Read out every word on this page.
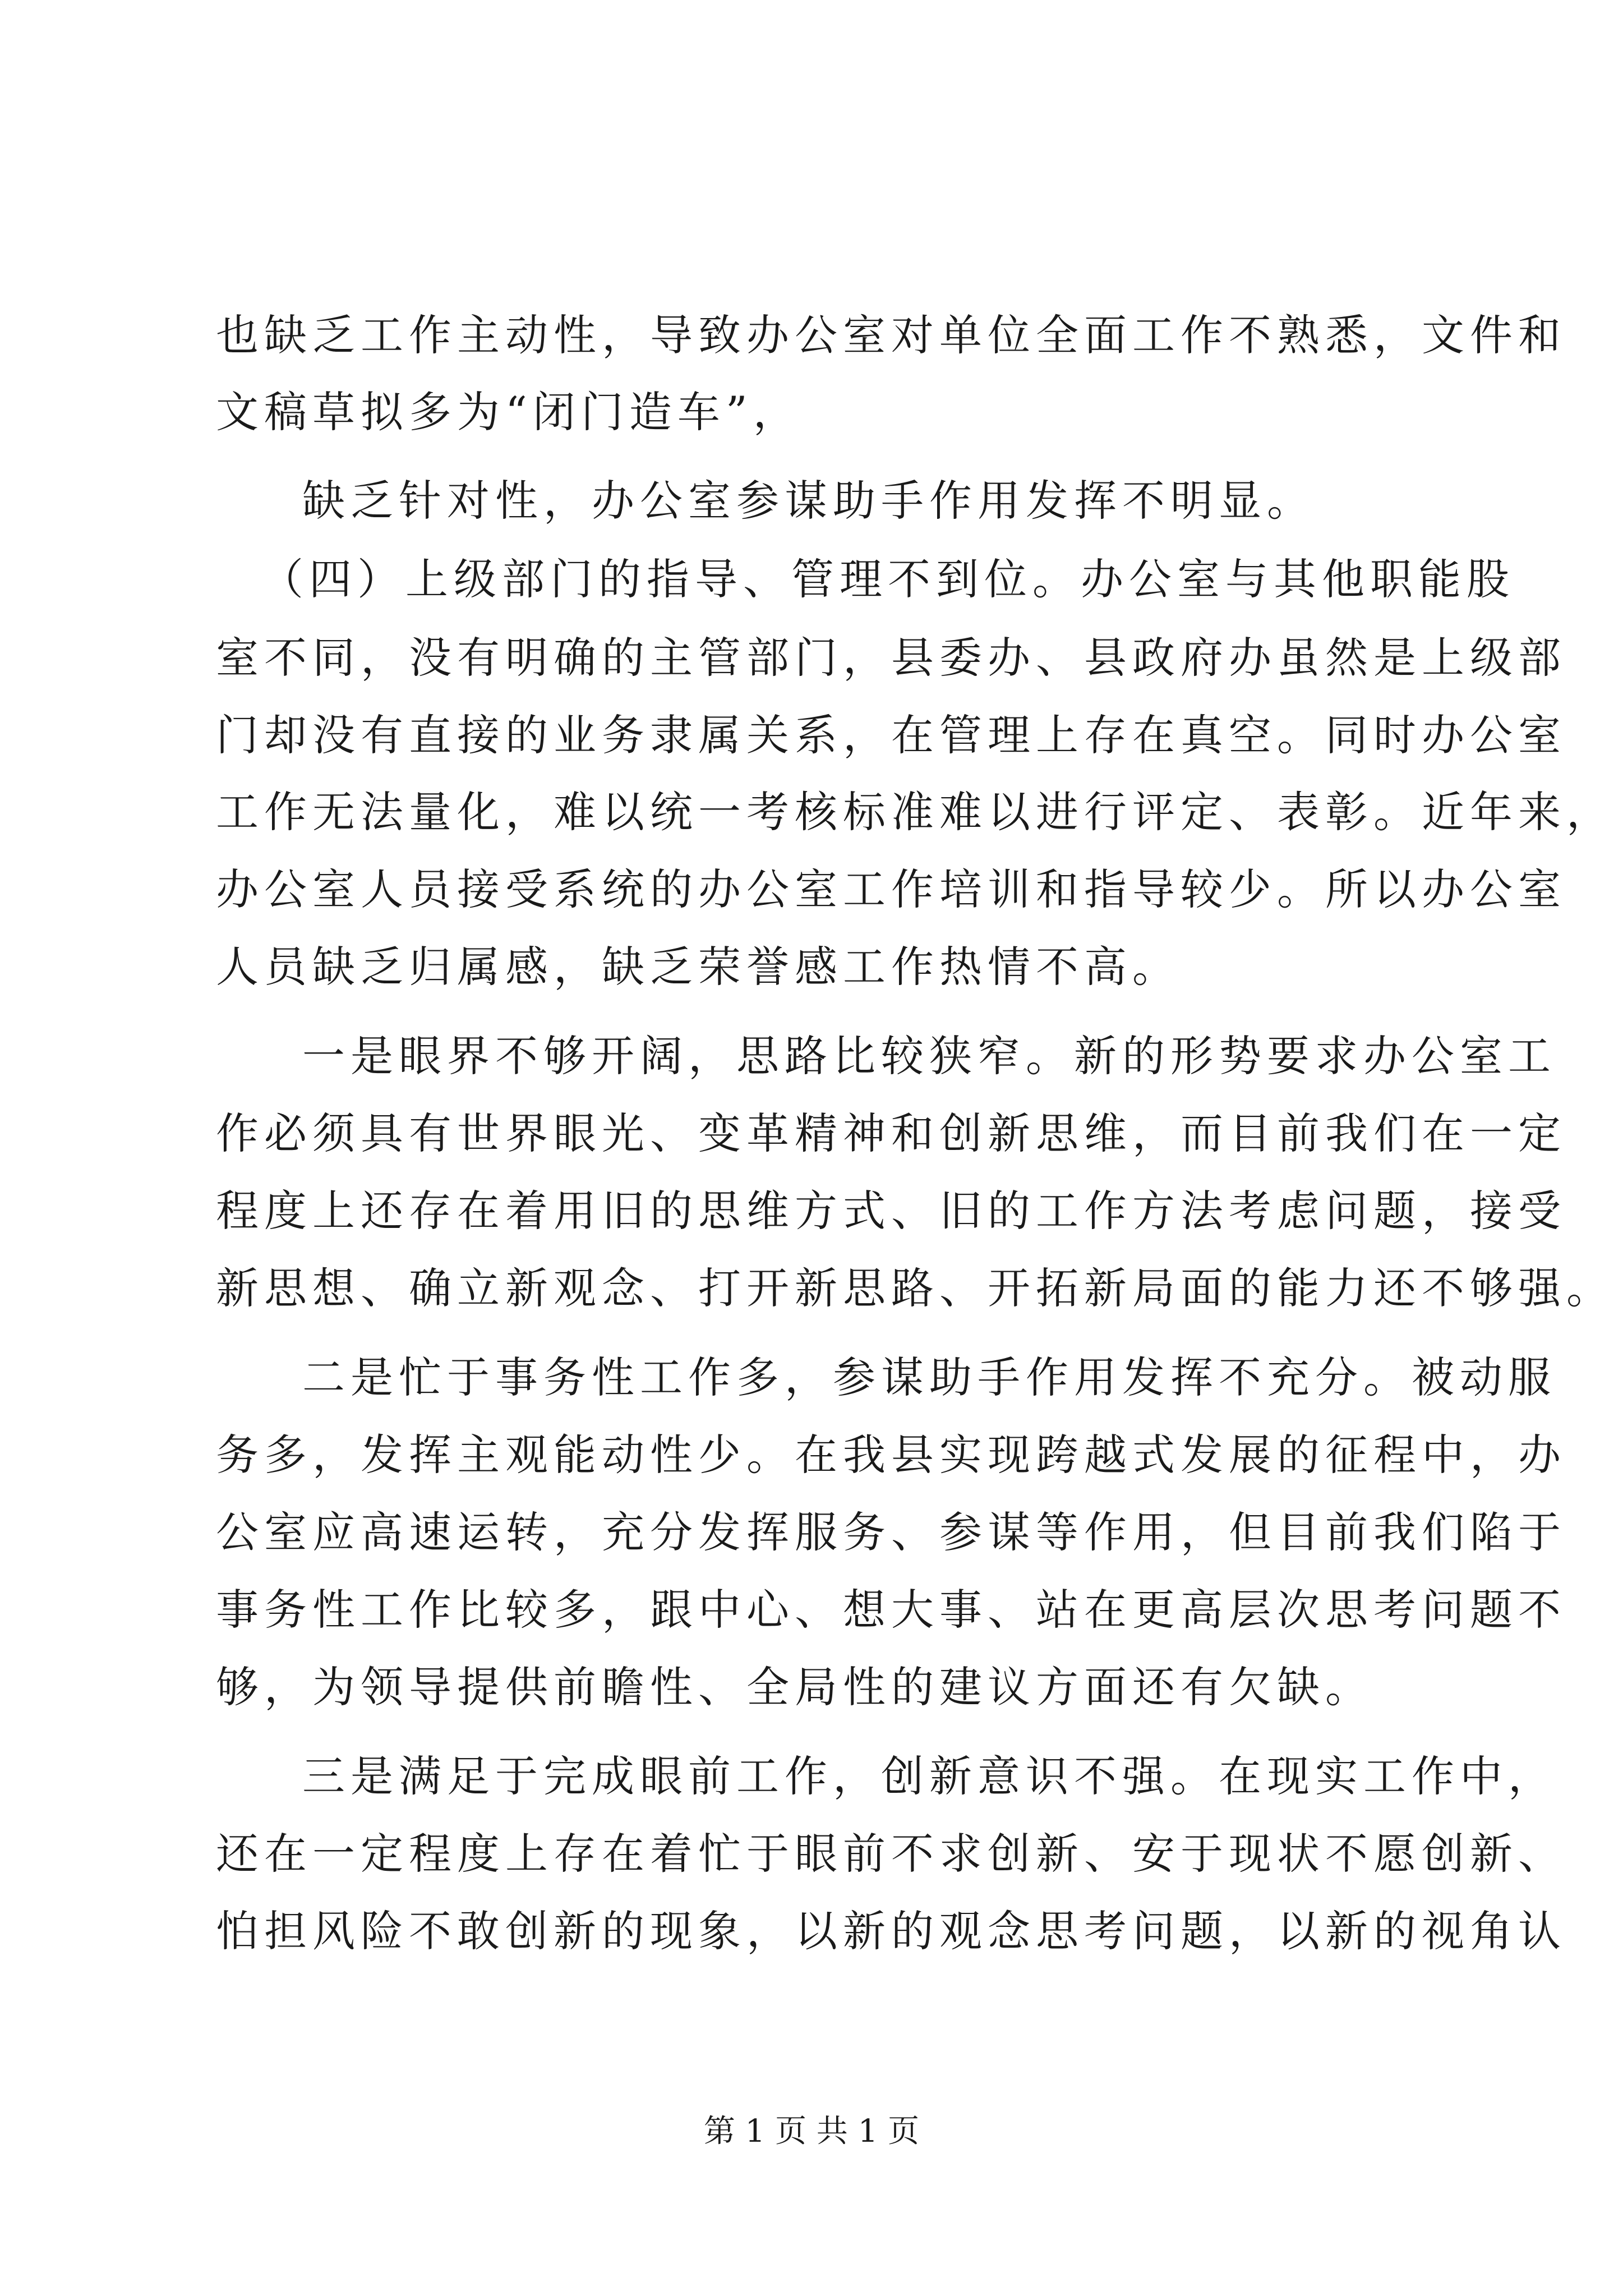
也缺乏工作主动性，导致办公室对单位全面工作不熟悉，文件和
文稿草拟多为“闭门造车”，
缺乏针对性，办公室参谋助手作用发挥不明显。
（四）上级部门的指导、管理不到位。办公室与其他职能股
室不同，没有明确的主管部门，县委办、县政府办虽然是上级部
门却没有直接的业务隶属关系，在管理上存在真空。同时办公室
工作无法量化，难以统一考核标准难以进行评定、表彰。近年来，
办公室人员接受系统的办公室工作培训和指导较少。所以办公室
人员缺乏归属感，缺乏荣誉感工作热情不高。
一是眼界不够开阔，思路比较狭窄。新的形势要求办公室工
作必须具有世界眼光、变革精神和创新思维，而目前我们在一定
程度上还存在着用旧的思维方式、旧的工作方法考虑问题，接受
新思想、确立新观念、打开新思路、开拓新局面的能力还不够强。
二是忙于事务性工作多，参谋助手作用发挥不充分。被动服
务多，发挥主观能动性少。在我县实现跨越式发展的征程中，办
公室应高速运转，充分发挥服务、参谋等作用，但目前我们陷于
事务性工作比较多，跟中心、想大事、站在更高层次思考问题不
够，为领导提供前瞻性、全局性的建议方面还有欠缺。
三是满足于完成眼前工作，创新意识不强。在现实工作中，
还在一定程度上存在着忙于眼前不求创新、安于现状不愿创新、
怕担风险不敢创新的现象，以新的观念思考问题，以新的视角认
第 1 页 共 1 页
